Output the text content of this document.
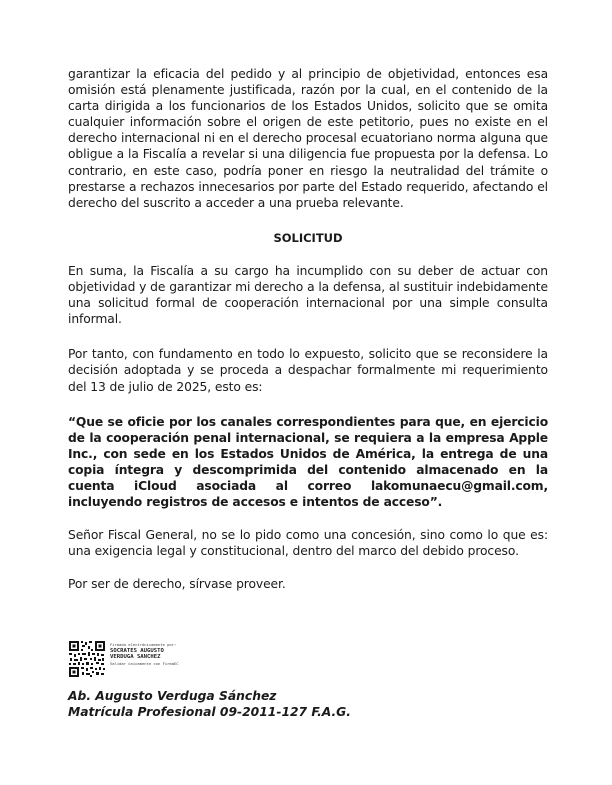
garantizar la eficacia del pedido y al principio de objetividad, entonces esa omisión está plenamente justificada, razón por la cual, en el contenido de la carta dirigida a los funcionarios de los Estados Unidos, solicito que se omita cualquier información sobre el origen de este petitorio, pues no existe en el derecho internacional ni en el derecho procesal ecuatoriano norma alguna que obligue a la Fiscalía a revelar si una diligencia fue propuesta por la defensa. Lo contrario, en este caso, podría poner en riesgo la neutralidad del trámite o prestarse a rechazos innecesarios por parte del Estado requerido, afectando el derecho del suscrito a acceder a una prueba relevante.

SOLICITUD

En suma, la Fiscalía a su cargo ha incumplido con su deber de actuar con objetividad y de garantizar mi derecho a la defensa, al sustituir indebidamente una solicitud formal de cooperación internacional por una simple consulta informal.

Por tanto, con fundamento en todo lo expuesto, solicito que se reconsidere la decisión adoptada y se proceda a despachar formalmente mi requerimiento del 13 de julio de 2025, esto es:

“Que se oficie por los canales correspondientes para que, en ejercicio de la cooperación penal internacional, se requiera a la empresa Apple Inc., con sede en los Estados Unidos de América, la entrega de una copia íntegra y descomprimida del contenido almacenado en la cuenta iCloud asociada al correo lakomunaecu@gmail.com, incluyendo registros de accesos e intentos de acceso”.

Señor Fiscal General, no se lo pido como una concesión, sino como lo que es: una exigencia legal y constitucional, dentro del marco del debido proceso.

Por ser de derecho, sírvase proveer.

Firmado electrónicamente por:
SOCRATES AUGUSTO
VERDUGA SANCHEZ
Validar únicamente con FirmaEC
Ab. Augusto Verduga Sánchez
Matrícula Profesional 09-2011-127 F.A.G.
